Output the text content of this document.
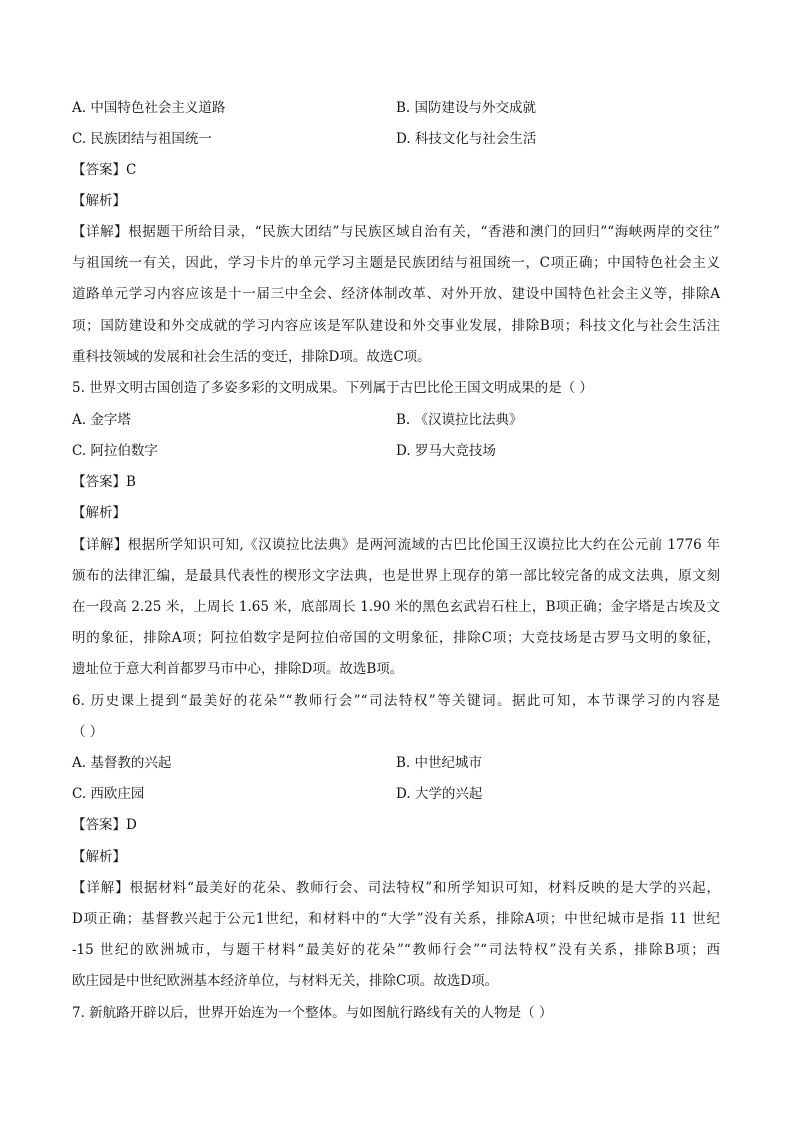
A. 中国特色社会主义道路	B. 国防建设与外交成就
C. 民族团结与祖国统一	D. 科技文化与社会生活
【答案】C
【解析】
【详解】根据题干所给目录，“民族大团结”与民族区域自治有关，“香港和澳门的回归”“海峡两岸的交往”
与祖国统一有关，因此，学习卡片的单元学习主题是民族团结与祖国统一，C项正确；中国特色社会主义
道路单元学习内容应该是十一届三中全会、经济体制改革、对外开放、建设中国特色社会主义等，排除A
项；国防建设和外交成就的学习内容应该是军队建设和外交事业发展，排除B项；科技文化与社会生活注
重科技领域的发展和社会生活的变迁，排除D项。故选C项。
5. 世界文明古国创造了多姿多彩的文明成果。下列属于古巴比伦王国文明成果的是（ ）
A. 金字塔	B. 《汉谟拉比法典》
C. 阿拉伯数字	D. 罗马大竞技场
【答案】B
【解析】
【详解】根据所学知识可知,《汉谟拉比法典》是两河流域的古巴比伦国王汉谟拉比大约在公元前 1776 年
颁布的法律汇编，是最具代表性的楔形文字法典，也是世界上现存的第一部比较完备的成文法典，原文刻
在一段高 2.25 米，上周长 1.65 米，底部周长 1.90 米的黑色玄武岩石柱上，B项正确；金字塔是古埃及文
明的象征，排除A项；阿拉伯数字是阿拉伯帝国的文明象征，排除C项；大竞技场是古罗马文明的象征，
遗址位于意大利首都罗马市中心，排除D项。故选B项。
6. 历史课上提到“最美好的花朵”“教师行会”“司法特权”等关键词。据此可知，本节课学习的内容是
（ ）
A. 基督教的兴起	B. 中世纪城市
C. 西欧庄园	D. 大学的兴起
【答案】D
【解析】
【详解】根据材料“最美好的花朵、教师行会、司法特权”和所学知识可知，材料反映的是大学的兴起，
D项正确；基督教兴起于公元1世纪，和材料中的“大学”没有关系，排除A项；中世纪城市是指 11 世纪
-15 世纪的欧洲城市，与题干材料“最美好的花朵”“教师行会”“司法特权”没有关系，排除B项；西
欧庄园是中世纪欧洲基本经济单位，与材料无关，排除C项。故选D项。
7. 新航路开辟以后，世界开始连为一个整体。与如图航行路线有关的人物是（ ）
